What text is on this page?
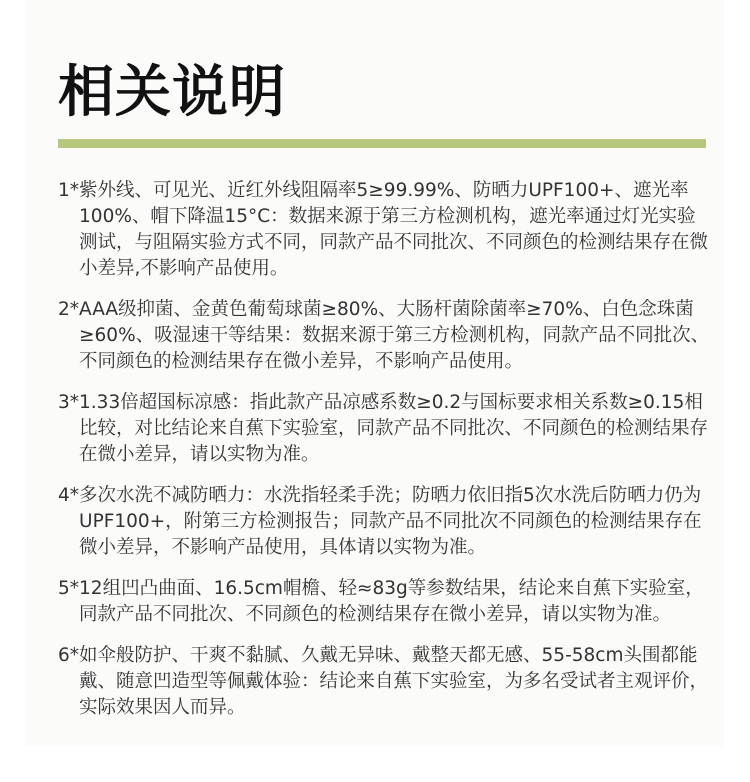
相关说明
1* 紫外线、可见光、近红外线阻隔率5≥99.99%、防晒力UPF100+、遮光率100%、帽下降温15°C：数据来源于第三方检测机构，遮光率通过灯光实验测试，与阻隔实验方式不同，同款产品不同批次、不同颜色的检测结果存在微小差异,不影响产品使用。
2* AAA级抑菌、金黄色葡萄球菌≥80%、大肠杆菌除菌率≥70%、白色念珠菌≥60%、吸湿速干等结果：数据来源于第三方检测机构，同款产品不同批次、不同颜色的检测结果存在微小差异，不影响产品使用。
3* 1.33倍超国标凉感：指此款产品凉感系数≥0.2与国标要求相关系数≥0.15相比较，对比结论来自蕉下实验室，同款产品不同批次、不同颜色的检测结果存在微小差异，请以实物为准。
4* 多次水洗不减防晒力：水洗指轻柔手洗；防晒力依旧指5次水洗后防晒力仍为UPF100+，附第三方检测报告；同款产品不同批次不同颜色的检测结果存在微小差异，不影响产品使用，具体请以实物为准。
5* 12组凹凸曲面、16.5cm帽檐、轻≈83g等参数结果，结论来自蕉下实验室，同款产品不同批次、不同颜色的检测结果存在微小差异，请以实物为准。
6* 如伞般防护、干爽不黏腻、久戴无异味、戴整天都无感、55-58cm头围都能戴、随意凹造型等佩戴体验：结论来自蕉下实验室，为多名受试者主观评价，实际效果因人而异。
